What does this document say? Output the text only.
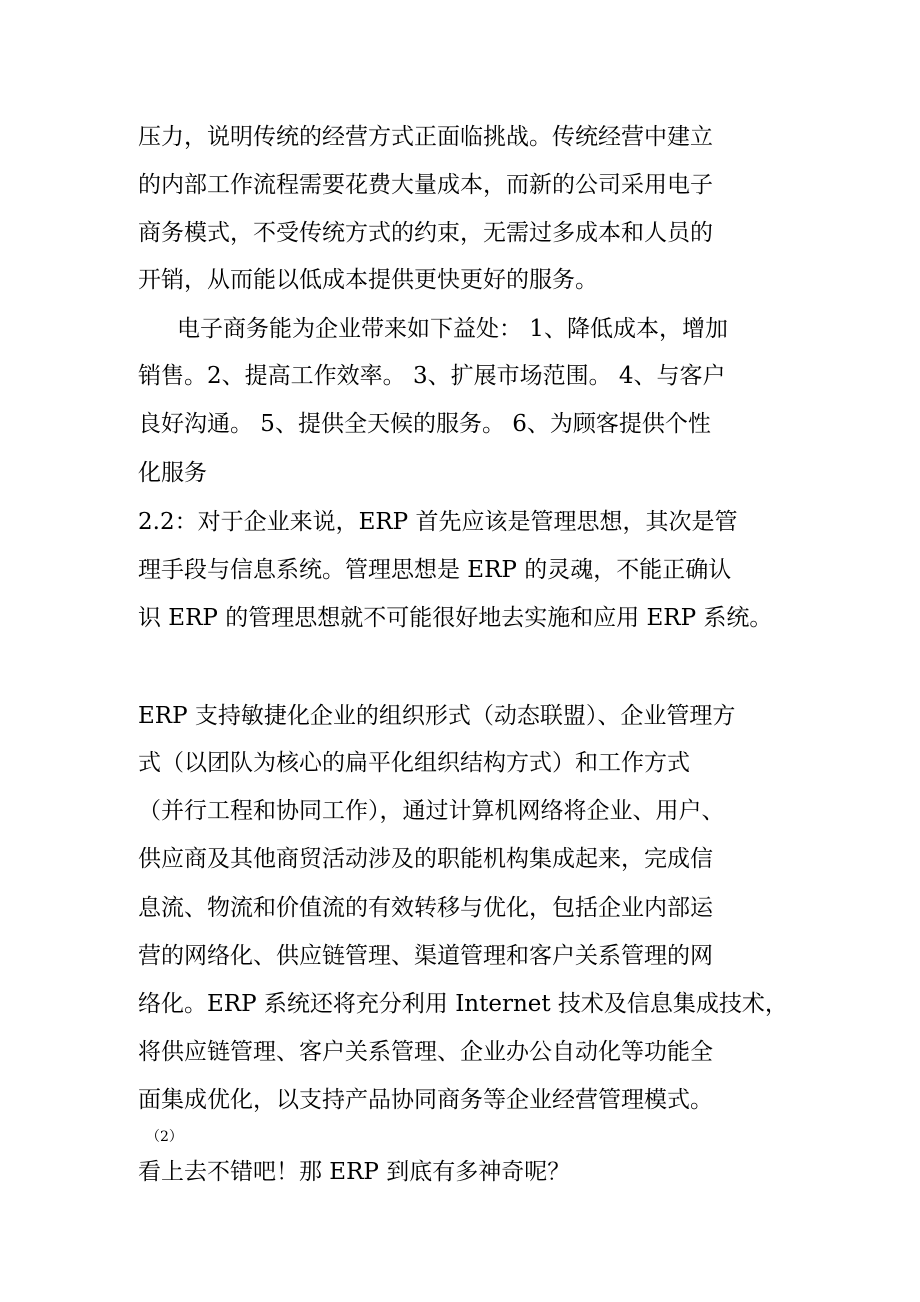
压力，说明传统的经营方式正面临挑战。传统经营中建立
的内部工作流程需要花费大量成本，而新的公司采用电子
商务模式，不受传统方式的约束，无需过多成本和人员的
开销，从而能以低成本提供更快更好的服务。
电子商务能为企业带来如下益处： 1、降低成本，增加
销售。2、提高工作效率。 3、扩展市场范围。 4、与客户
良好沟通。 5、提供全天候的服务。 6、为顾客提供个性
化服务
2.2：对于企业来说，ERP 首先应该是管理思想，其次是管
理手段与信息系统。管理思想是 ERP 的灵魂，不能正确认
识 ERP 的管理思想就不可能很好地去实施和应用 ERP 系统。
ERP 支持敏捷化企业的组织形式（动态联盟）、企业管理方
式（以团队为核心的扁平化组织结构方式）和工作方式
（并行工程和协同工作），通过计算机网络将企业、用户、
供应商及其他商贸活动涉及的职能机构集成起来，完成信
息流、物流和价值流的有效转移与优化，包括企业内部运
营的网络化、供应链管理、渠道管理和客户关系管理的网
络化。ERP 系统还将充分利用 Internet 技术及信息集成技术，
将供应链管理、客户关系管理、企业办公自动化等功能全
面集成优化，以支持产品协同商务等企业经营管理模式。
（2）
看上去不错吧！那 ERP 到底有多神奇呢？
